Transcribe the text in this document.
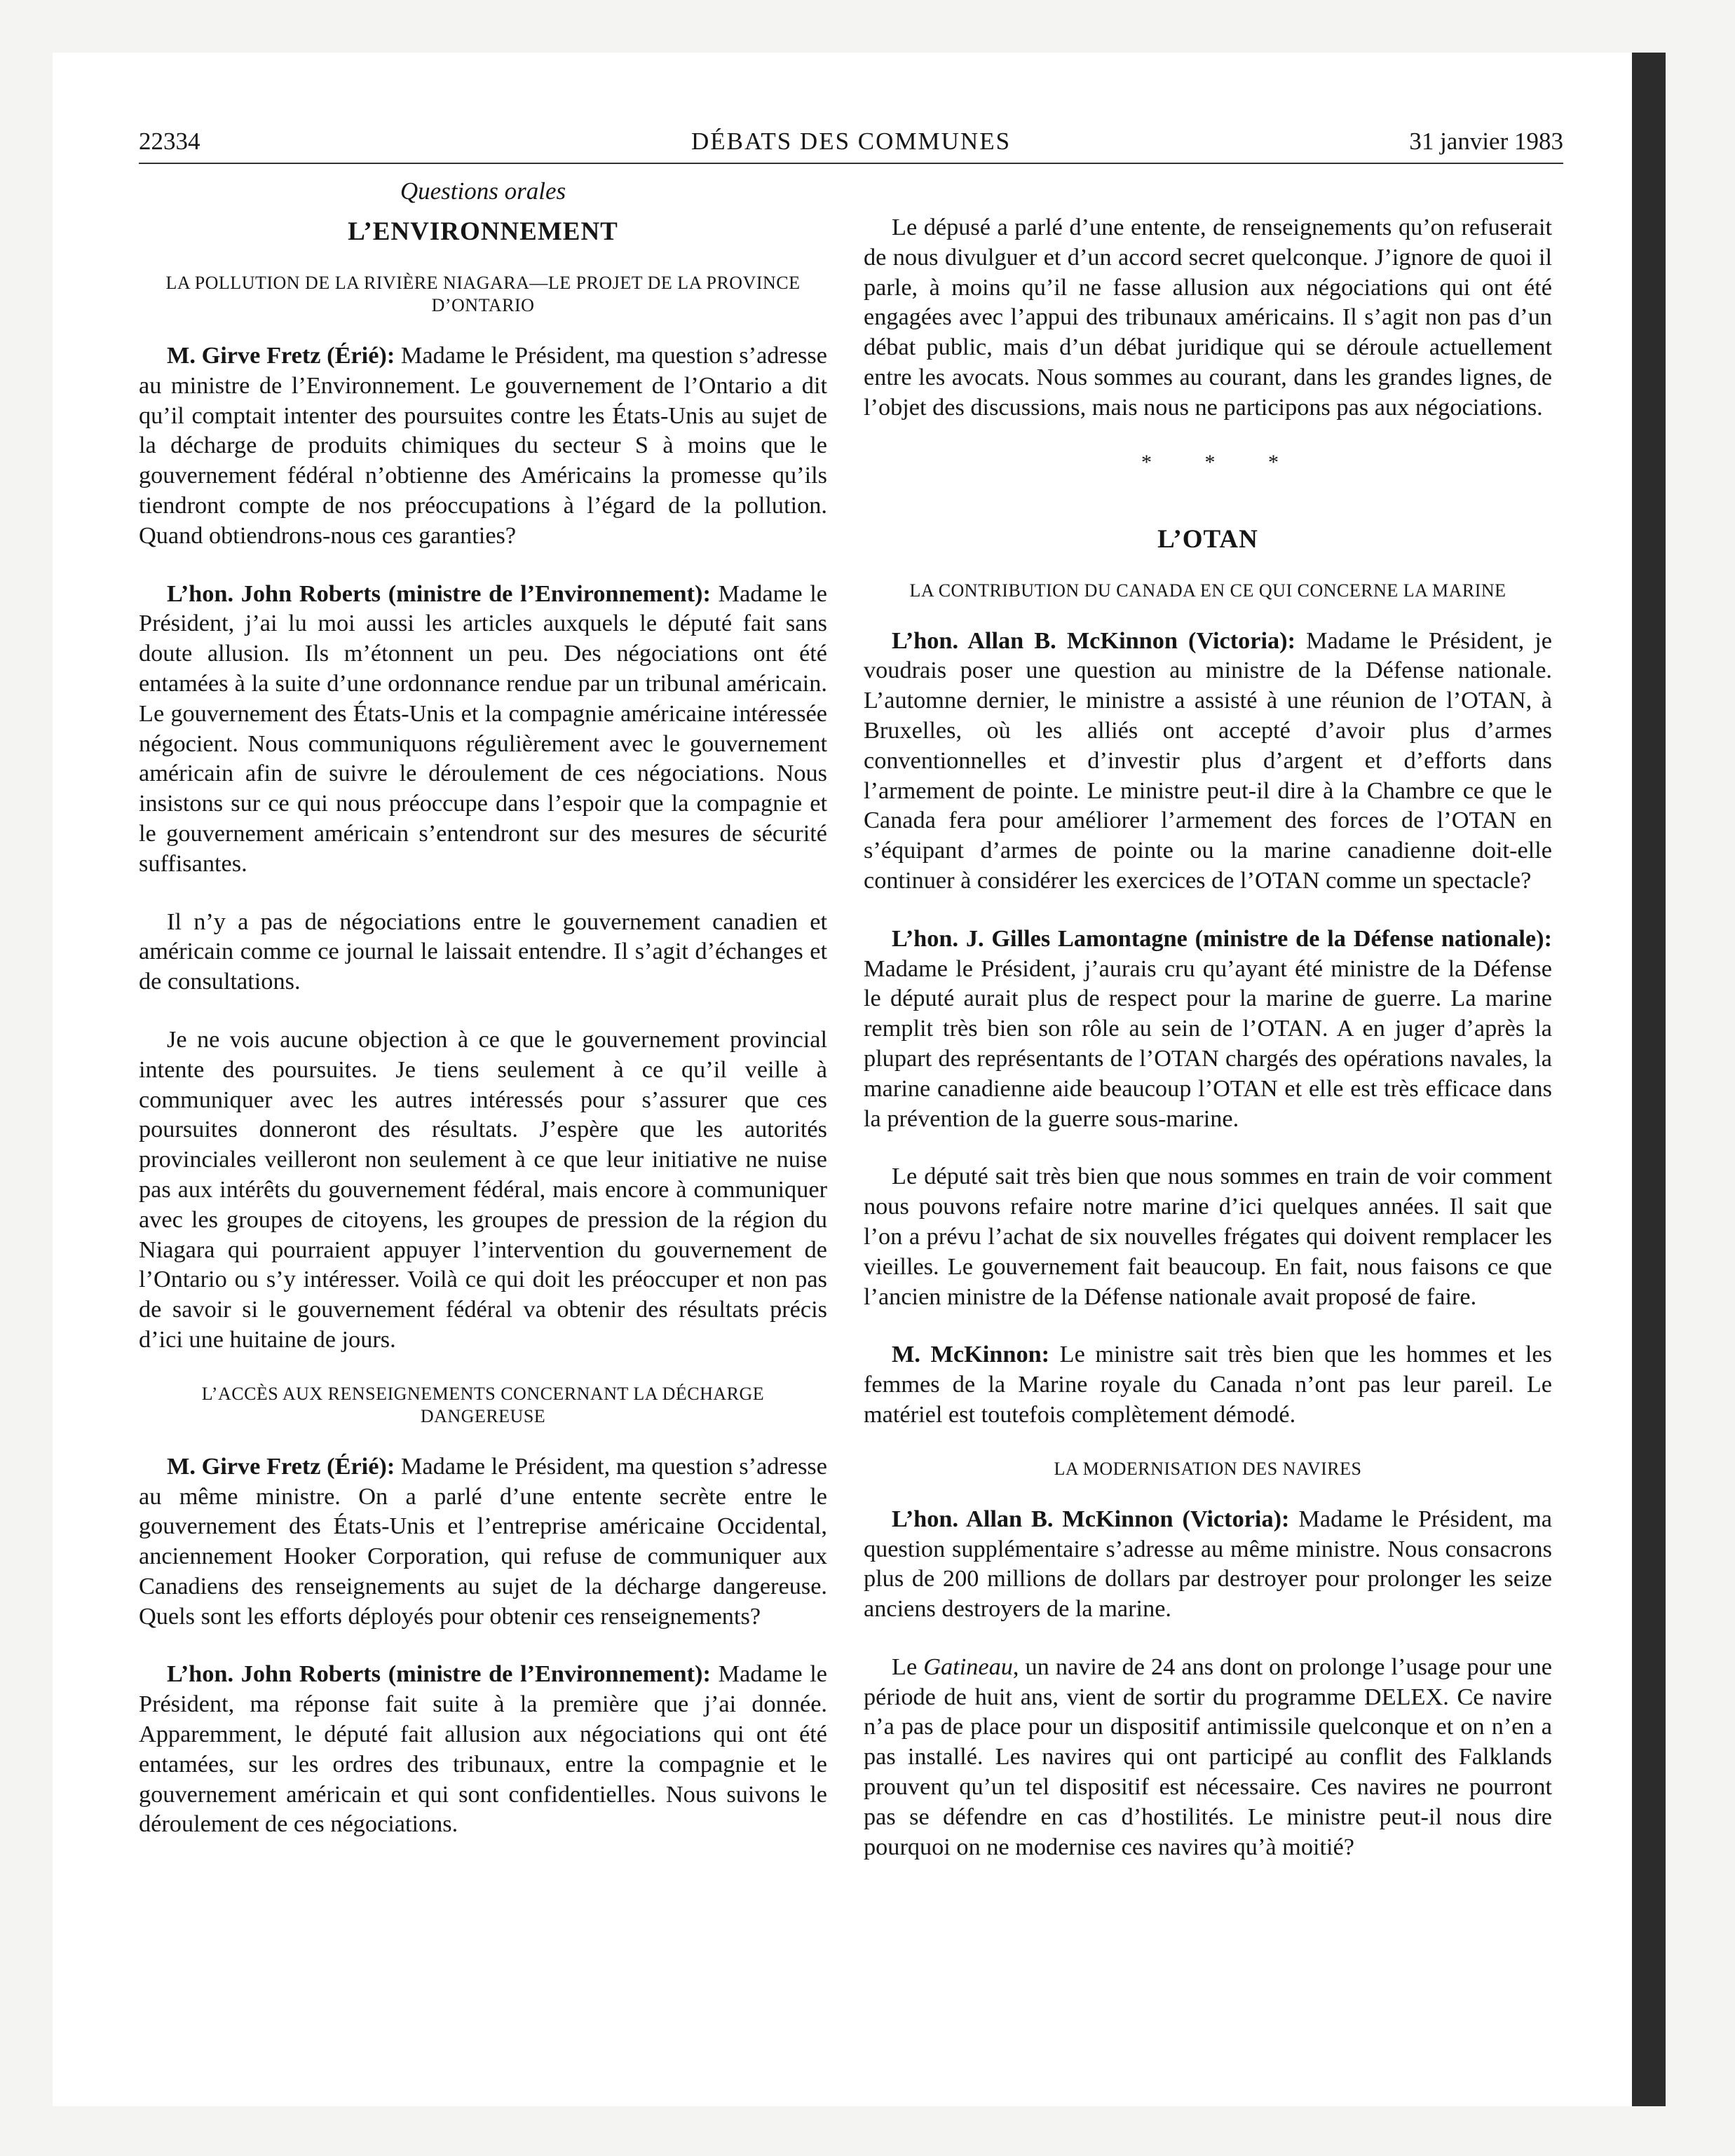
22334	DÉBATS DES COMMUNES	31 janvier 1983
Questions orales
L’ENVIRONNEMENT
LA POLLUTION DE LA RIVIÈRE NIAGARA—LE PROJET DE LA PROVINCE D’ONTARIO

M. Girve Fretz (Érié): Madame le Président, ma question s’adresse au ministre de l’Environnement. Le gouvernement de l’Ontario a dit qu’il comptait intenter des poursuites contre les États-Unis au sujet de la décharge de produits chimiques du secteur S à moins que le gouvernement fédéral n’obtienne des Américains la promesse qu’ils tiendront compte de nos préoccupations à l’égard de la pollution. Quand obtiendrons-nous ces garanties?

L’hon. John Roberts (ministre de l’Environnement): Madame le Président, j’ai lu moi aussi les articles auxquels le député fait sans doute allusion. Ils m’étonnent un peu. Des négociations ont été entamées à la suite d’une ordonnance rendue par un tribunal américain. Le gouvernement des États-Unis et la compagnie américaine intéressée négocient. Nous communiquons régulièrement avec le gouvernement américain afin de suivre le déroulement de ces négociations. Nous insistons sur ce qui nous préoccupe dans l’espoir que la compagnie et le gouvernement américain s’entendront sur des mesures de sécurité suffisantes.

Il n’y a pas de négociations entre le gouvernement canadien et américain comme ce journal le laissait entendre. Il s’agit d’échanges et de consultations.

Je ne vois aucune objection à ce que le gouvernement provincial intente des poursuites. Je tiens seulement à ce qu’il veille à communiquer avec les autres intéressés pour s’assurer que ces poursuites donneront des résultats. J’espère que les autorités provinciales veilleront non seulement à ce que leur initiative ne nuise pas aux intérêts du gouvernement fédéral, mais encore à communiquer avec les groupes de citoyens, les groupes de pression de la région du Niagara qui pourraient appuyer l’intervention du gouvernement de l’Ontario ou s’y intéresser. Voilà ce qui doit les préoccuper et non pas de savoir si le gouvernement fédéral va obtenir des résultats précis d’ici une huitaine de jours.

L’ACCÈS AUX RENSEIGNEMENTS CONCERNANT LA DÉCHARGE DANGEREUSE

M. Girve Fretz (Érié): Madame le Président, ma question s’adresse au même ministre. On a parlé d’une entente secrète entre le gouvernement des États-Unis et l’entreprise américaine Occidental, anciennement Hooker Corporation, qui refuse de communiquer aux Canadiens des renseignements au sujet de la décharge dangereuse. Quels sont les efforts déployés pour obtenir ces renseignements?

L’hon. John Roberts (ministre de l’Environnement): Madame le Président, ma réponse fait suite à la première que j’ai donnée. Apparemment, le député fait allusion aux négociations qui ont été entamées, sur les ordres des tribunaux, entre la compagnie et le gouvernement américain et qui sont confidentielles. Nous suivons le déroulement de ces négociations.

Le dépusé a parlé d’une entente, de renseignements qu’on refuserait de nous divulguer et d’un accord secret quelconque. J’ignore de quoi il parle, à moins qu’il ne fasse allusion aux négociations qui ont été engagées avec l’appui des tribunaux américains. Il s’agit non pas d’un débat public, mais d’un débat juridique qui se déroule actuellement entre les avocats. Nous sommes au courant, dans les grandes lignes, de l’objet des discussions, mais nous ne participons pas aux négociations.

* * *
L’OTAN
LA CONTRIBUTION DU CANADA EN CE QUI CONCERNE LA MARINE

L’hon. Allan B. McKinnon (Victoria): Madame le Président, je voudrais poser une question au ministre de la Défense nationale. L’automne dernier, le ministre a assisté à une réunion de l’OTAN, à Bruxelles, où les alliés ont accepté d’avoir plus d’armes conventionnelles et d’investir plus d’argent et d’efforts dans l’armement de pointe. Le ministre peut-il dire à la Chambre ce que le Canada fera pour améliorer l’armement des forces de l’OTAN en s’équipant d’armes de pointe ou la marine canadienne doit-elle continuer à considérer les exercices de l’OTAN comme un spectacle?

L’hon. J. Gilles Lamontagne (ministre de la Défense nationale): Madame le Président, j’aurais cru qu’ayant été ministre de la Défense le député aurait plus de respect pour la marine de guerre. La marine remplit très bien son rôle au sein de l’OTAN. A en juger d’après la plupart des représentants de l’OTAN chargés des opérations navales, la marine canadienne aide beaucoup l’OTAN et elle est très efficace dans la prévention de la guerre sous-marine.

Le député sait très bien que nous sommes en train de voir comment nous pouvons refaire notre marine d’ici quelques années. Il sait que l’on a prévu l’achat de six nouvelles frégates qui doivent remplacer les vieilles. Le gouvernement fait beaucoup. En fait, nous faisons ce que l’ancien ministre de la Défense nationale avait proposé de faire.

M. McKinnon: Le ministre sait très bien que les hommes et les femmes de la Marine royale du Canada n’ont pas leur pareil. Le matériel est toutefois complètement démodé.

LA MODERNISATION DES NAVIRES

L’hon. Allan B. McKinnon (Victoria): Madame le Président, ma question supplémentaire s’adresse au même ministre. Nous consacrons plus de 200 millions de dollars par destroyer pour prolonger les seize anciens destroyers de la marine.

Le Gatineau, un navire de 24 ans dont on prolonge l’usage pour une période de huit ans, vient de sortir du programme DELEX. Ce navire n’a pas de place pour un dispositif antimissile quelconque et on n’en a pas installé. Les navires qui ont participé au conflit des Falklands prouvent qu’un tel dispositif est nécessaire. Ces navires ne pourront pas se défendre en cas d’hostilités. Le ministre peut-il nous dire pourquoi on ne modernise ces navires qu’à moitié?
